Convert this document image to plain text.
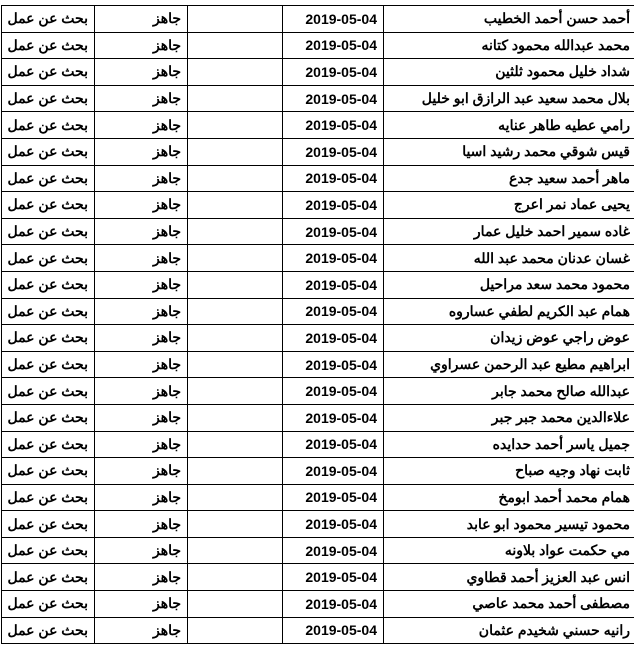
أحمد حسن أحمد الخطيب	2019-05-04		جاهز	بحث عن عمل
محمد عبدالله محمود كتانه	2019-05-04		جاهز	بحث عن عمل
شداد خليل محمود ثلثين	2019-05-04		جاهز	بحث عن عمل
بلال محمد سعيد عبد الرازق ابو خليل	2019-05-04		جاهز	بحث عن عمل
رامي عطيه طاهر عنايه	2019-05-04		جاهز	بحث عن عمل
قيس شوقي محمد رشيد اسيا	2019-05-04		جاهز	بحث عن عمل
ماهر أحمد سعيد جدع	2019-05-04		جاهز	بحث عن عمل
يحيى عماد نمر اعرج	2019-05-04		جاهز	بحث عن عمل
غاده سمير احمد خليل عمار	2019-05-04		جاهز	بحث عن عمل
غسان عدنان محمد عبد الله	2019-05-04		جاهز	بحث عن عمل
محمود محمد سعد مراحيل	2019-05-04		جاهز	بحث عن عمل
همام عبد الكريم لطفي عساروه	2019-05-04		جاهز	بحث عن عمل
عوض راجي عوض زيدان	2019-05-04		جاهز	بحث عن عمل
ابراهيم مطيع عبد الرحمن عسراوي	2019-05-04		جاهز	بحث عن عمل
عبدالله صالح محمد جابر	2019-05-04		جاهز	بحث عن عمل
علاءالدين محمد جبر جبر	2019-05-04		جاهز	بحث عن عمل
جميل ياسر أحمد حدايده	2019-05-04		جاهز	بحث عن عمل
ثابت نهاد وجيه صباح	2019-05-04		جاهز	بحث عن عمل
همام محمد أحمد ابومخ	2019-05-04		جاهز	بحث عن عمل
محمود تيسير محمود ابو عابد	2019-05-04		جاهز	بحث عن عمل
مي حكمت عواد بلاونه	2019-05-04		جاهز	بحث عن عمل
انس عبد العزيز أحمد قطاوي	2019-05-04		جاهز	بحث عن عمل
مصطفى أحمد محمد عاصي	2019-05-04		جاهز	بحث عن عمل
رانيه حسني شخيدم عثمان	2019-05-04		جاهز	بحث عن عمل
